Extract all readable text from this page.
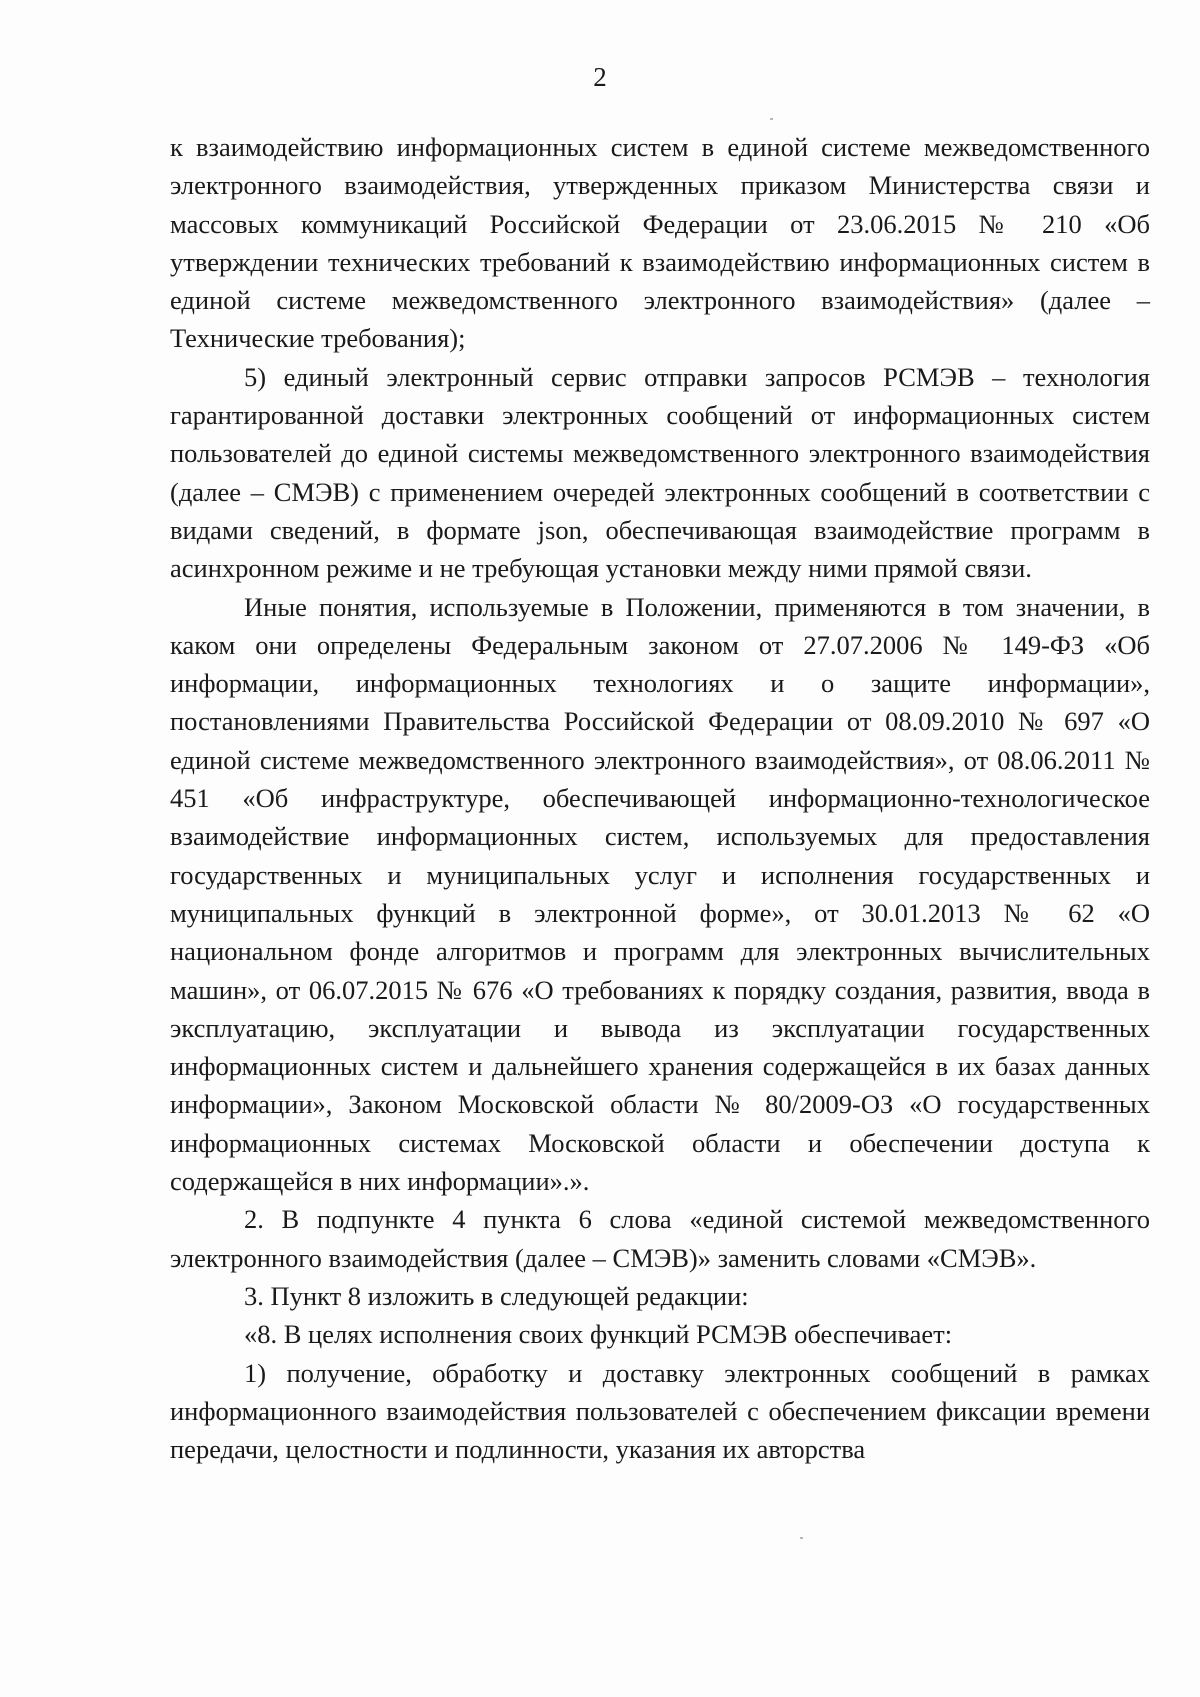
2

к взаимодействию информационных систем в единой системе межведомственного электронного взаимодействия, утвержденных приказом Министерства связи и массовых коммуникаций Российской Федерации от 23.06.2015 № 210 «Об утверждении технических требований к взаимодействию информационных систем в единой системе межведомственного электронного взаимодействия» (далее – Технические требования);

5) единый электронный сервис отправки запросов РСМЭВ – технология гарантированной доставки электронных сообщений от информационных систем пользователей до единой системы межведомственного электронного взаимодействия (далее – СМЭВ) с применением очередей электронных сообщений в соответствии с видами сведений, в формате json, обеспечивающая взаимодействие программ в асинхронном режиме и не требующая установки между ними прямой связи.

Иные понятия, используемые в Положении, применяются в том значении, в каком они определены Федеральным законом от 27.07.2006 № 149-ФЗ «Об информации, информационных технологиях и о защите информации», постановлениями Правительства Российской Федерации от 08.09.2010 № 697 «О единой системе межведомственного электронного взаимодействия», от 08.06.2011 № 451 «Об инфраструктуре, обеспечивающей информационно-технологическое взаимодействие информационных систем, используемых для предоставления государственных и муниципальных услуг и исполнения государственных и муниципальных функций в электронной форме», от 30.01.2013 № 62 «О национальном фонде алгоритмов и программ для электронных вычислительных машин», от 06.07.2015 № 676 «О требованиях к порядку создания, развития, ввода в эксплуатацию, эксплуатации и вывода из эксплуатации государственных информационных систем и дальнейшего хранения содержащейся в их базах данных информации», Законом Московской области № 80/2009-ОЗ «О государственных информационных системах Московской области и обеспечении доступа к содержащейся в них информации».».

2. В подпункте 4 пункта 6 слова «единой системой межведомственного электронного взаимодействия (далее – СМЭВ)» заменить словами «СМЭВ».

3. Пункт 8 изложить в следующей редакции:

«8. В целях исполнения своих функций РСМЭВ обеспечивает:

1) получение, обработку и доставку электронных сообщений в рамках информационного взаимодействия пользователей с обеспечением фиксации времени передачи, целостности и подлинности, указания их авторства
